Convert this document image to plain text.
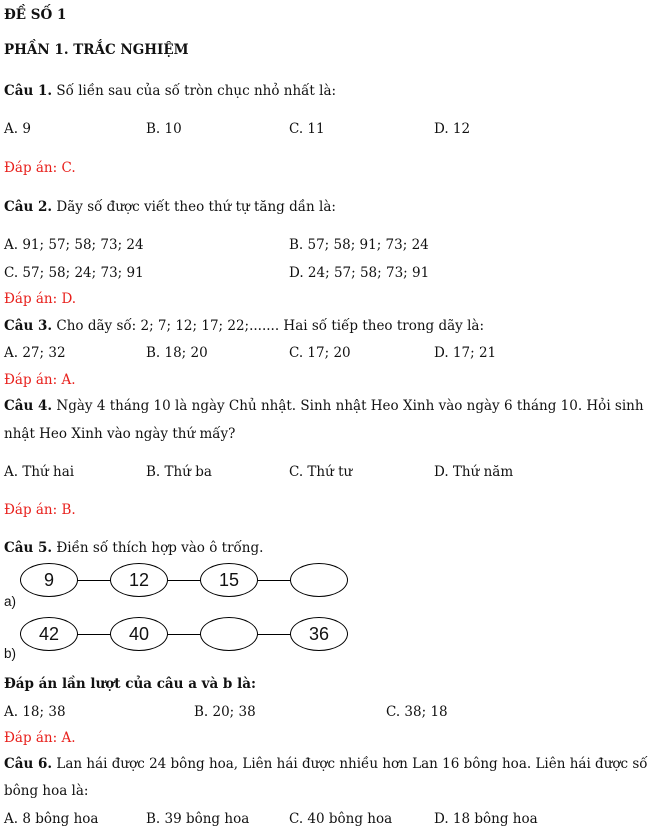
ĐỀ SỐ 1
PHẦN 1. TRẮC NGHIỆM
Câu 1. Số liền sau của số tròn chục nhỏ nhất là:
A. 9	B. 10	C. 11	D. 12
Đáp án: C.
Câu 2. Dãy số được viết theo thứ tự tăng dần là:
A. 91; 57; 58; 73; 24	B. 57; 58; 91; 73; 24
C. 57; 58; 24; 73; 91	D. 24; 57; 58; 73; 91
Đáp án: D.
Câu 3. Cho dãy số: 2; 7; 12; 17; 22;....... Hai số tiếp theo trong dãy là:
A. 27; 32	B. 18; 20	C. 17; 20	D. 17; 21
Đáp án: A.
Câu 4. Ngày 4 tháng 10 là ngày Chủ nhật. Sinh nhật Heo Xinh vào ngày 6 tháng 10. Hỏi sinh
nhật Heo Xinh vào ngày thứ mấy?
A. Thứ hai	B. Thứ ba	C. Thứ tư	D. Thứ năm
Đáp án: B.
Câu 5. Điền số thích hợp vào ô trống.
a)
9	12	15
b)
42	40	36
Đáp án lần lượt của câu a và b là:
A. 18; 38	B. 20; 38	C. 38; 18
Đáp án: A.
Câu 6. Lan hái được 24 bông hoa, Liên hái được nhiều hơn Lan 16 bông hoa. Liên hái được số
bông hoa là:
A. 8 bông hoa	B. 39 bông hoa	C. 40 bông hoa	D. 18 bông hoa
